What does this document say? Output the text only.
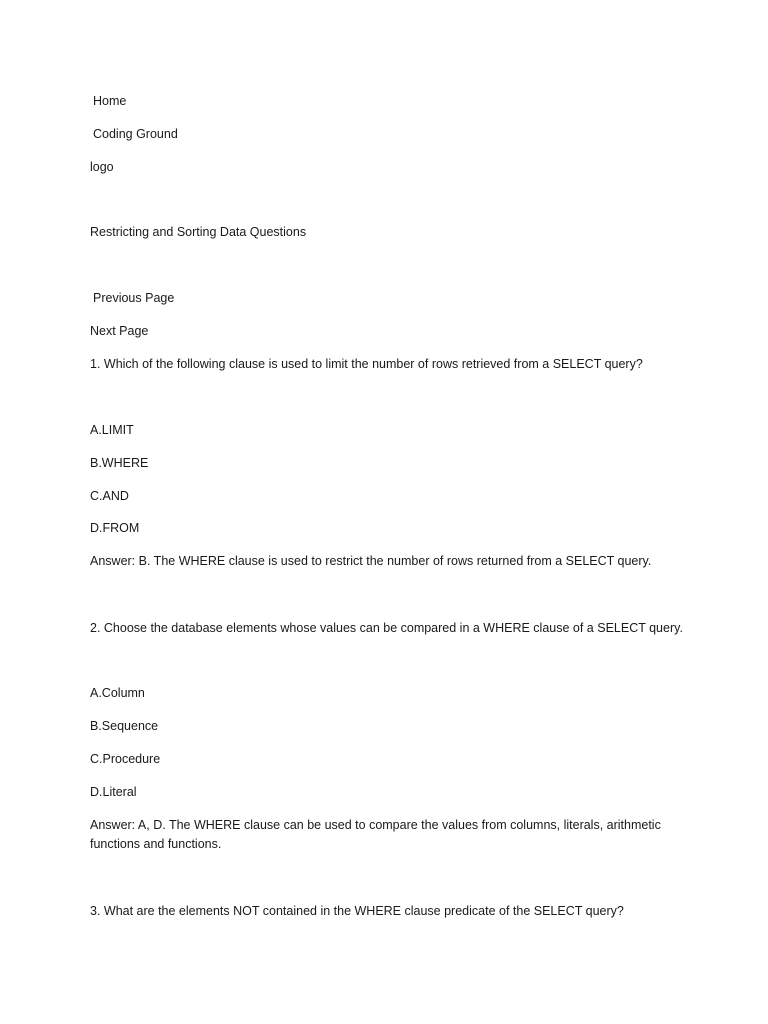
Home
Coding Ground
logo
Restricting and Sorting Data Questions
Previous Page
Next Page
1. Which of the following clause is used to limit the number of rows retrieved from a SELECT query?
A.LIMIT
B.WHERE
C.AND
D.FROM
Answer: B. The WHERE clause is used to restrict the number of rows returned from a SELECT query.
2. Choose the database elements whose values can be compared in a WHERE clause of a SELECT query.
A.Column
B.Sequence
C.Procedure
D.Literal
Answer: A, D. The WHERE clause can be used to compare the values from columns, literals, arithmetic functions and functions.
3. What are the elements NOT contained in the WHERE clause predicate of the SELECT query?
